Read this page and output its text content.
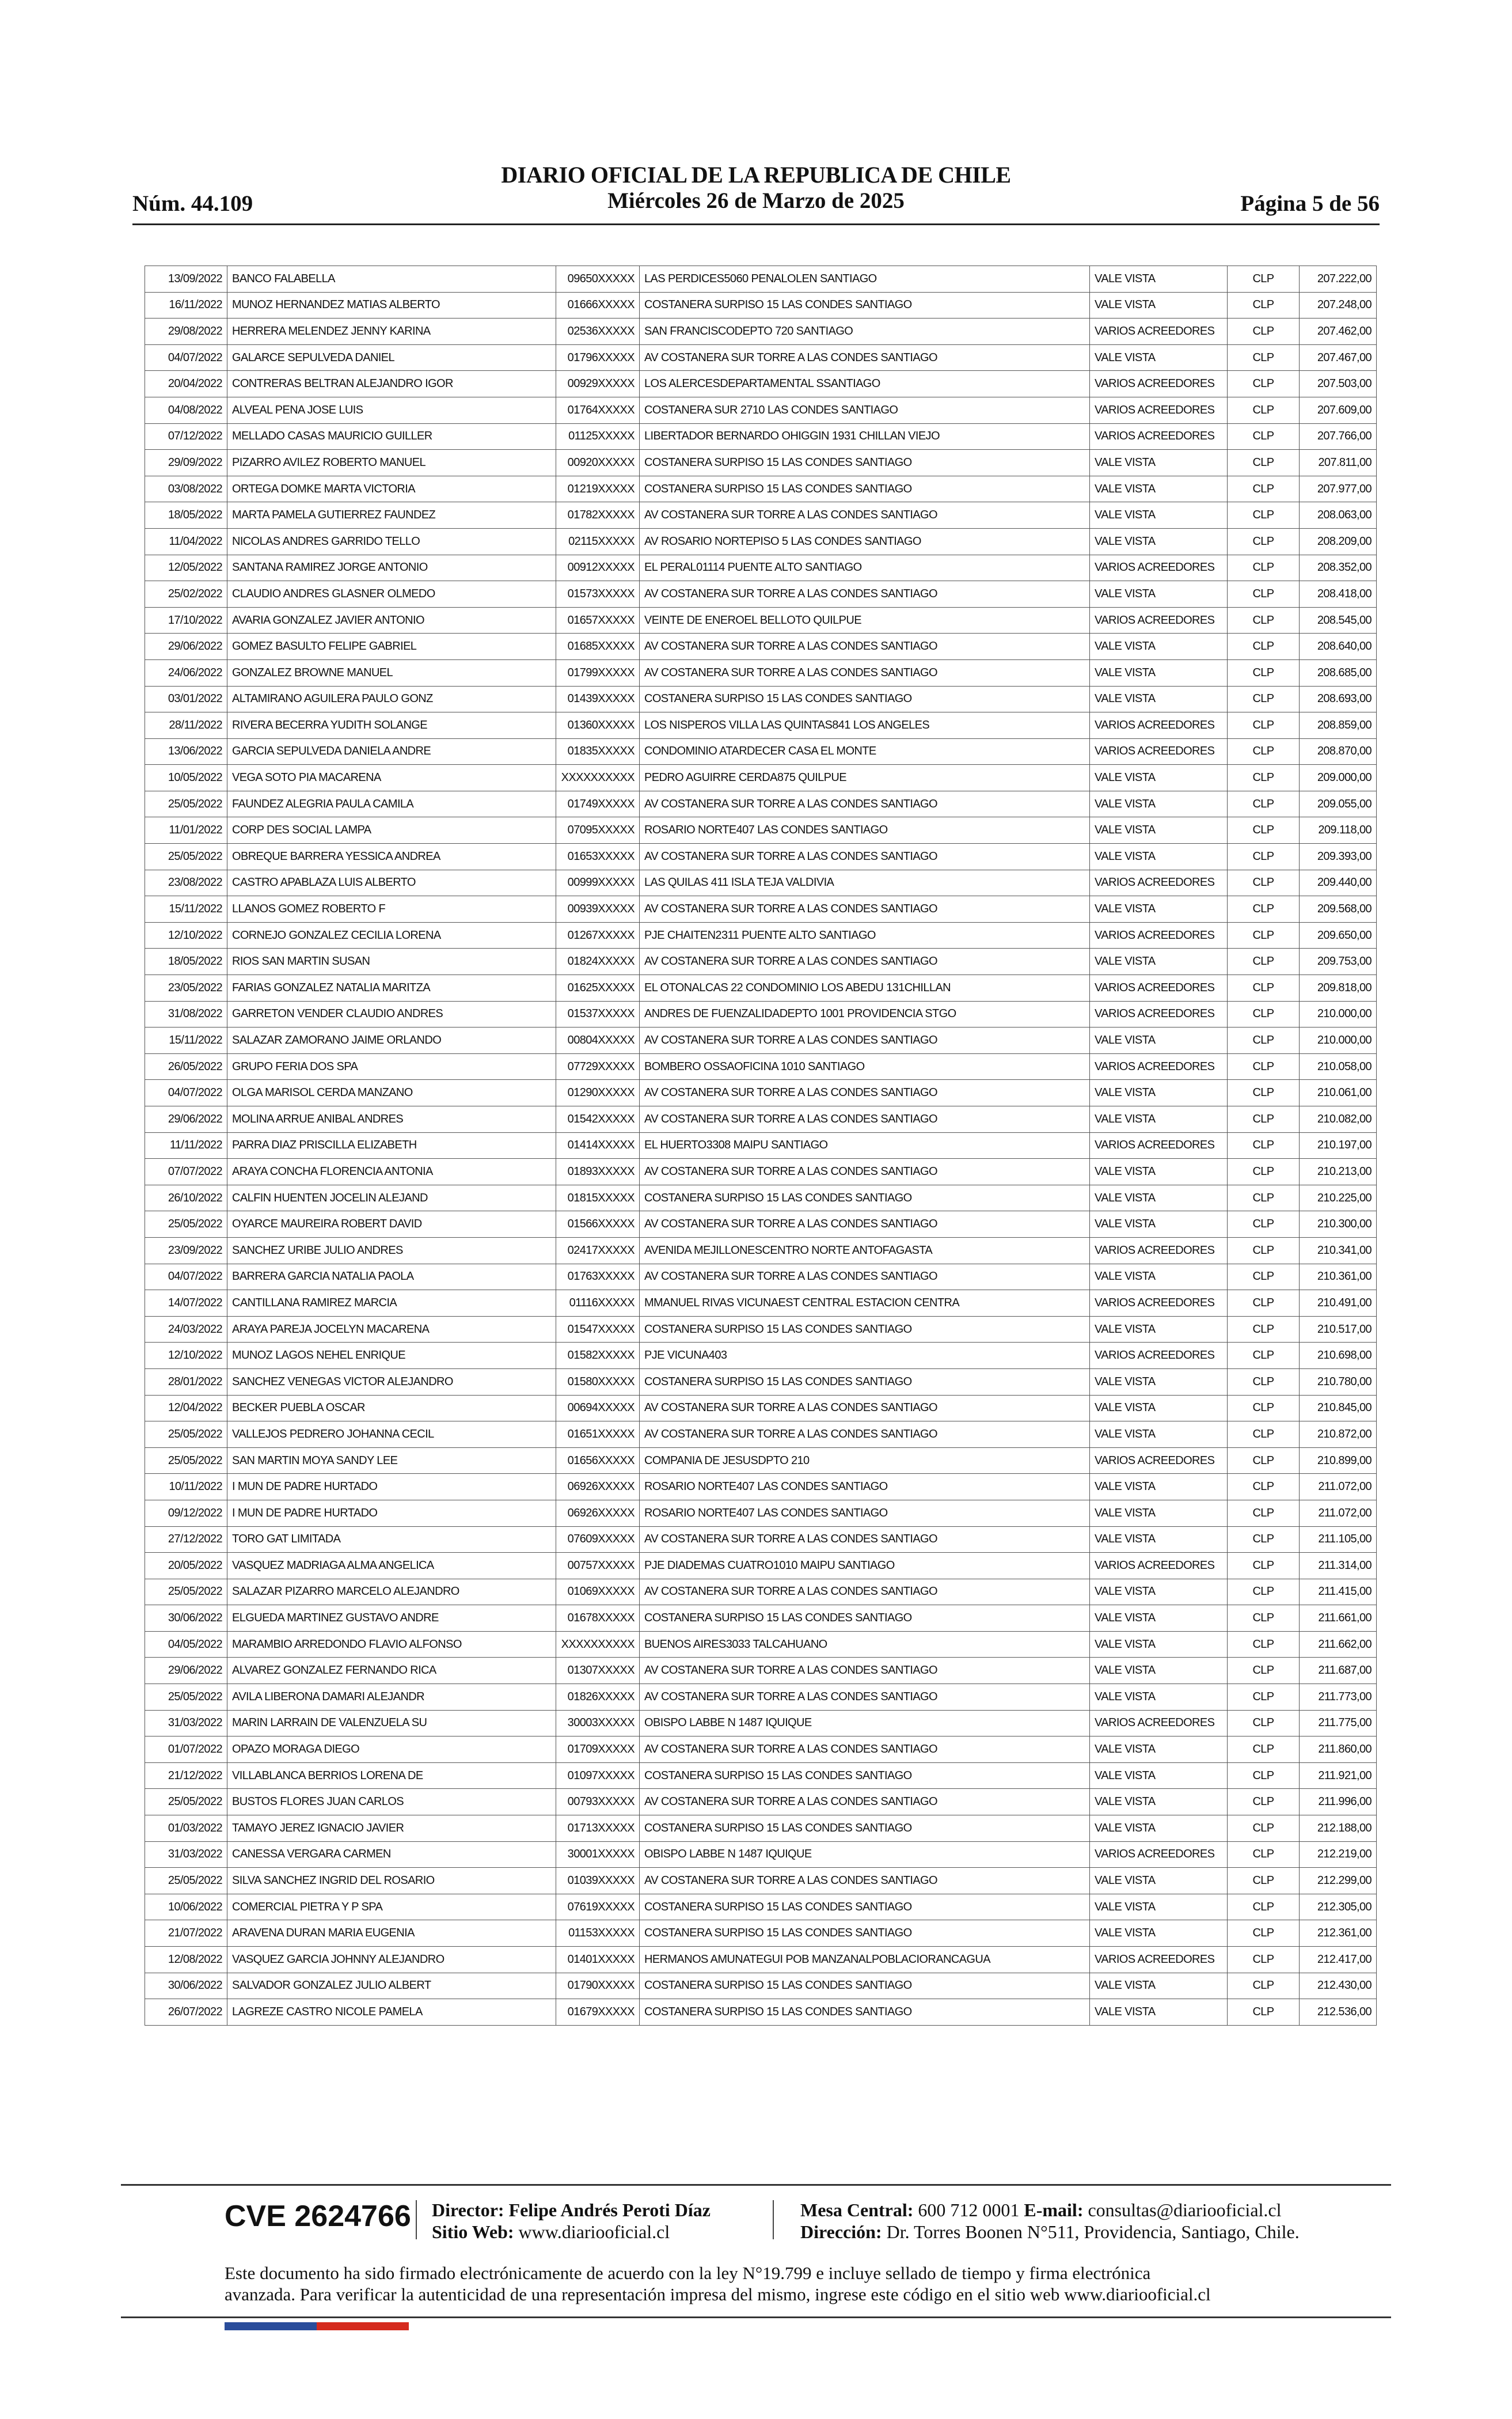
Núm. 44.109
DIARIO OFICIAL DE LA REPUBLICA DE CHILE
Miércoles 26 de Marzo de 2025	Página 5 de 56
13/09/2022	BANCO FALABELLA	09650XXXXX	LAS PERDICES5060 PENALOLEN SANTIAGO	VALE VISTA	CLP	207.222,00
16/11/2022	MUNOZ HERNANDEZ MATIAS ALBERTO	01666XXXXX	COSTANERA SURPISO 15 LAS CONDES SANTIAGO	VALE VISTA	CLP	207.248,00
29/08/2022	HERRERA MELENDEZ JENNY KARINA	02536XXXXX	SAN FRANCISCODEPTO 720 SANTIAGO	VARIOS ACREEDORES	CLP	207.462,00
04/07/2022	GALARCE SEPULVEDA DANIEL	01796XXXXX	AV COSTANERA SUR TORRE A LAS CONDES SANTIAGO	VALE VISTA	CLP	207.467,00
20/04/2022	CONTRERAS BELTRAN ALEJANDRO IGOR	00929XXXXX	LOS ALERCESDEPARTAMENTAL SSANTIAGO	VARIOS ACREEDORES	CLP	207.503,00
04/08/2022	ALVEAL PENA JOSE LUIS	01764XXXXX	COSTANERA SUR 2710 LAS CONDES SANTIAGO	VARIOS ACREEDORES	CLP	207.609,00
07/12/2022	MELLADO CASAS MAURICIO GUILLER	01125XXXXX	LIBERTADOR BERNARDO OHIGGIN 1931 CHILLAN VIEJO	VARIOS ACREEDORES	CLP	207.766,00
29/09/2022	PIZARRO AVILEZ ROBERTO MANUEL	00920XXXXX	COSTANERA SURPISO 15 LAS CONDES SANTIAGO	VALE VISTA	CLP	207.811,00
03/08/2022	ORTEGA DOMKE MARTA VICTORIA	01219XXXXX	COSTANERA SURPISO 15 LAS CONDES SANTIAGO	VALE VISTA	CLP	207.977,00
18/05/2022	MARTA PAMELA GUTIERREZ FAUNDEZ	01782XXXXX	AV COSTANERA SUR TORRE A LAS CONDES SANTIAGO	VALE VISTA	CLP	208.063,00
11/04/2022	NICOLAS ANDRES GARRIDO TELLO	02115XXXXX	AV ROSARIO NORTEPISO 5 LAS CONDES SANTIAGO	VALE VISTA	CLP	208.209,00
12/05/2022	SANTANA RAMIREZ JORGE ANTONIO	00912XXXXX	EL PERAL01114 PUENTE ALTO SANTIAGO	VARIOS ACREEDORES	CLP	208.352,00
25/02/2022	CLAUDIO ANDRES GLASNER OLMEDO	01573XXXXX	AV COSTANERA SUR TORRE A LAS CONDES SANTIAGO	VALE VISTA	CLP	208.418,00
17/10/2022	AVARIA GONZALEZ JAVIER ANTONIO	01657XXXXX	VEINTE DE ENEROEL BELLOTO QUILPUE	VARIOS ACREEDORES	CLP	208.545,00
29/06/2022	GOMEZ BASULTO FELIPE GABRIEL	01685XXXXX	AV COSTANERA SUR TORRE A LAS CONDES SANTIAGO	VALE VISTA	CLP	208.640,00
24/06/2022	GONZALEZ BROWNE MANUEL	01799XXXXX	AV COSTANERA SUR TORRE A LAS CONDES SANTIAGO	VALE VISTA	CLP	208.685,00
03/01/2022	ALTAMIRANO AGUILERA PAULO GONZ	01439XXXXX	COSTANERA SURPISO 15 LAS CONDES SANTIAGO	VALE VISTA	CLP	208.693,00
28/11/2022	RIVERA BECERRA YUDITH SOLANGE	01360XXXXX	LOS NISPEROS VILLA LAS QUINTAS841 LOS ANGELES	VARIOS ACREEDORES	CLP	208.859,00
13/06/2022	GARCIA SEPULVEDA DANIELA ANDRE	01835XXXXX	CONDOMINIO ATARDECER CASA EL MONTE	VARIOS ACREEDORES	CLP	208.870,00
10/05/2022	VEGA SOTO PIA MACARENA	XXXXXXXXXX	PEDRO AGUIRRE CERDA875 QUILPUE	VALE VISTA	CLP	209.000,00
25/05/2022	FAUNDEZ ALEGRIA PAULA CAMILA	01749XXXXX	AV COSTANERA SUR TORRE A LAS CONDES SANTIAGO	VALE VISTA	CLP	209.055,00
11/01/2022	CORP DES SOCIAL LAMPA	07095XXXXX	ROSARIO NORTE407 LAS CONDES SANTIAGO	VALE VISTA	CLP	209.118,00
25/05/2022	OBREQUE BARRERA YESSICA ANDREA	01653XXXXX	AV COSTANERA SUR TORRE A LAS CONDES SANTIAGO	VALE VISTA	CLP	209.393,00
23/08/2022	CASTRO APABLAZA LUIS ALBERTO	00999XXXXX	LAS QUILAS 411 ISLA TEJA VALDIVIA	VARIOS ACREEDORES	CLP	209.440,00
15/11/2022	LLANOS GOMEZ ROBERTO F	00939XXXXX	AV COSTANERA SUR TORRE A LAS CONDES SANTIAGO	VALE VISTA	CLP	209.568,00
12/10/2022	CORNEJO GONZALEZ CECILIA LORENA	01267XXXXX	PJE CHAITEN2311 PUENTE ALTO SANTIAGO	VARIOS ACREEDORES	CLP	209.650,00
18/05/2022	RIOS SAN MARTIN SUSAN	01824XXXXX	AV COSTANERA SUR TORRE A LAS CONDES SANTIAGO	VALE VISTA	CLP	209.753,00
23/05/2022	FARIAS GONZALEZ NATALIA MARITZA	01625XXXXX	EL OTONALCAS 22 CONDOMINIO LOS ABEDU 131CHILLAN	VARIOS ACREEDORES	CLP	209.818,00
31/08/2022	GARRETON VENDER CLAUDIO ANDRES	01537XXXXX	ANDRES DE FUENZALIDADEPTO 1001 PROVIDENCIA STGO	VARIOS ACREEDORES	CLP	210.000,00
15/11/2022	SALAZAR ZAMORANO JAIME ORLANDO	00804XXXXX	AV COSTANERA SUR TORRE A LAS CONDES SANTIAGO	VALE VISTA	CLP	210.000,00
26/05/2022	GRUPO FERIA DOS SPA	07729XXXXX	BOMBERO OSSAOFICINA 1010 SANTIAGO	VARIOS ACREEDORES	CLP	210.058,00
04/07/2022	OLGA MARISOL CERDA MANZANO	01290XXXXX	AV COSTANERA SUR TORRE A LAS CONDES SANTIAGO	VALE VISTA	CLP	210.061,00
29/06/2022	MOLINA ARRUE ANIBAL ANDRES	01542XXXXX	AV COSTANERA SUR TORRE A LAS CONDES SANTIAGO	VALE VISTA	CLP	210.082,00
11/11/2022	PARRA DIAZ PRISCILLA ELIZABETH	01414XXXXX	EL HUERTO3308 MAIPU SANTIAGO	VARIOS ACREEDORES	CLP	210.197,00
07/07/2022	ARAYA CONCHA FLORENCIA ANTONIA	01893XXXXX	AV COSTANERA SUR TORRE A LAS CONDES SANTIAGO	VALE VISTA	CLP	210.213,00
26/10/2022	CALFIN HUENTEN JOCELIN ALEJAND	01815XXXXX	COSTANERA SURPISO 15 LAS CONDES SANTIAGO	VALE VISTA	CLP	210.225,00
25/05/2022	OYARCE MAUREIRA ROBERT DAVID	01566XXXXX	AV COSTANERA SUR TORRE A LAS CONDES SANTIAGO	VALE VISTA	CLP	210.300,00
23/09/2022	SANCHEZ URIBE JULIO ANDRES	02417XXXXX	AVENIDA MEJILLONESCENTRO NORTE ANTOFAGASTA	VARIOS ACREEDORES	CLP	210.341,00
04/07/2022	BARRERA GARCIA NATALIA PAOLA	01763XXXXX	AV COSTANERA SUR TORRE A LAS CONDES SANTIAGO	VALE VISTA	CLP	210.361,00
14/07/2022	CANTILLANA RAMIREZ MARCIA	01116XXXXX	MMANUEL RIVAS VICUNAEST CENTRAL ESTACION CENTRA	VARIOS ACREEDORES	CLP	210.491,00
24/03/2022	ARAYA PAREJA JOCELYN MACARENA	01547XXXXX	COSTANERA SURPISO 15 LAS CONDES SANTIAGO	VALE VISTA	CLP	210.517,00
12/10/2022	MUNOZ LAGOS NEHEL ENRIQUE	01582XXXXX	PJE VICUNA403	VARIOS ACREEDORES	CLP	210.698,00
28/01/2022	SANCHEZ VENEGAS VICTOR ALEJANDRO	01580XXXXX	COSTANERA SURPISO 15 LAS CONDES SANTIAGO	VALE VISTA	CLP	210.780,00
12/04/2022	BECKER PUEBLA OSCAR	00694XXXXX	AV COSTANERA SUR TORRE A LAS CONDES SANTIAGO	VALE VISTA	CLP	210.845,00
25/05/2022	VALLEJOS PEDRERO JOHANNA CECIL	01651XXXXX	AV COSTANERA SUR TORRE A LAS CONDES SANTIAGO	VALE VISTA	CLP	210.872,00
25/05/2022	SAN MARTIN MOYA SANDY LEE	01656XXXXX	COMPANIA DE JESUSDPTO 210	VARIOS ACREEDORES	CLP	210.899,00
10/11/2022	I MUN DE PADRE HURTADO	06926XXXXX	ROSARIO NORTE407 LAS CONDES SANTIAGO	VALE VISTA	CLP	211.072,00
09/12/2022	I MUN DE PADRE HURTADO	06926XXXXX	ROSARIO NORTE407 LAS CONDES SANTIAGO	VALE VISTA	CLP	211.072,00
27/12/2022	TORO GAT LIMITADA	07609XXXXX	AV COSTANERA SUR TORRE A LAS CONDES SANTIAGO	VALE VISTA	CLP	211.105,00
20/05/2022	VASQUEZ MADRIAGA ALMA ANGELICA	00757XXXXX	PJE DIADEMAS CUATRO1010 MAIPU SANTIAGO	VARIOS ACREEDORES	CLP	211.314,00
25/05/2022	SALAZAR PIZARRO MARCELO ALEJANDRO	01069XXXXX	AV COSTANERA SUR TORRE A LAS CONDES SANTIAGO	VALE VISTA	CLP	211.415,00
30/06/2022	ELGUEDA MARTINEZ GUSTAVO ANDRE	01678XXXXX	COSTANERA SURPISO 15 LAS CONDES SANTIAGO	VALE VISTA	CLP	211.661,00
04/05/2022	MARAMBIO ARREDONDO FLAVIO ALFONSO	XXXXXXXXXX	BUENOS AIRES3033 TALCAHUANO	VALE VISTA	CLP	211.662,00
29/06/2022	ALVAREZ GONZALEZ FERNANDO RICA	01307XXXXX	AV COSTANERA SUR TORRE A LAS CONDES SANTIAGO	VALE VISTA	CLP	211.687,00
25/05/2022	AVILA LIBERONA DAMARI ALEJANDR	01826XXXXX	AV COSTANERA SUR TORRE A LAS CONDES SANTIAGO	VALE VISTA	CLP	211.773,00
31/03/2022	MARIN LARRAIN DE VALENZUELA SU	30003XXXXX	OBISPO LABBE N 1487 IQUIQUE	VARIOS ACREEDORES	CLP	211.775,00
01/07/2022	OPAZO MORAGA DIEGO	01709XXXXX	AV COSTANERA SUR TORRE A LAS CONDES SANTIAGO	VALE VISTA	CLP	211.860,00
21/12/2022	VILLABLANCA BERRIOS LORENA DE	01097XXXXX	COSTANERA SURPISO 15 LAS CONDES SANTIAGO	VALE VISTA	CLP	211.921,00
25/05/2022	BUSTOS FLORES JUAN CARLOS	00793XXXXX	AV COSTANERA SUR TORRE A LAS CONDES SANTIAGO	VALE VISTA	CLP	211.996,00
01/03/2022	TAMAYO JEREZ IGNACIO JAVIER	01713XXXXX	COSTANERA SURPISO 15 LAS CONDES SANTIAGO	VALE VISTA	CLP	212.188,00
31/03/2022	CANESSA VERGARA CARMEN	30001XXXXX	OBISPO LABBE N 1487 IQUIQUE	VARIOS ACREEDORES	CLP	212.219,00
25/05/2022	SILVA SANCHEZ INGRID DEL ROSARIO	01039XXXXX	AV COSTANERA SUR TORRE A LAS CONDES SANTIAGO	VALE VISTA	CLP	212.299,00
10/06/2022	COMERCIAL PIETRA Y P SPA	07619XXXXX	COSTANERA SURPISO 15 LAS CONDES SANTIAGO	VALE VISTA	CLP	212.305,00
21/07/2022	ARAVENA DURAN MARIA EUGENIA	01153XXXXX	COSTANERA SURPISO 15 LAS CONDES SANTIAGO	VALE VISTA	CLP	212.361,00
12/08/2022	VASQUEZ GARCIA JOHNNY ALEJANDRO	01401XXXXX	HERMANOS AMUNATEGUI POB MANZANALPOBLACIORANCAGUA	VARIOS ACREEDORES	CLP	212.417,00
30/06/2022	SALVADOR GONZALEZ JULIO ALBERT	01790XXXXX	COSTANERA SURPISO 15 LAS CONDES SANTIAGO	VALE VISTA	CLP	212.430,00
26/07/2022	LAGREZE CASTRO NICOLE PAMELA	01679XXXXX	COSTANERA SURPISO 15 LAS CONDES SANTIAGO	VALE VISTA	CLP	212.536,00
CVE 2624766 Director: Felipe Andrés Peroti Díaz
Sitio Web: www.diariooficial.cl
Mesa Central: 600 712 0001 E-mail: consultas@diariooficial.cl
Dirección: Dr. Torres Boonen N°511, Providencia, Santiago, Chile.
Este documento ha sido firmado electrónicamente de acuerdo con la ley N°19.799 e incluye sellado de tiempo y firma electrónica
avanzada. Para verificar la autenticidad de una representación impresa del mismo, ingrese este código en el sitio web www.diariooficial.cl
